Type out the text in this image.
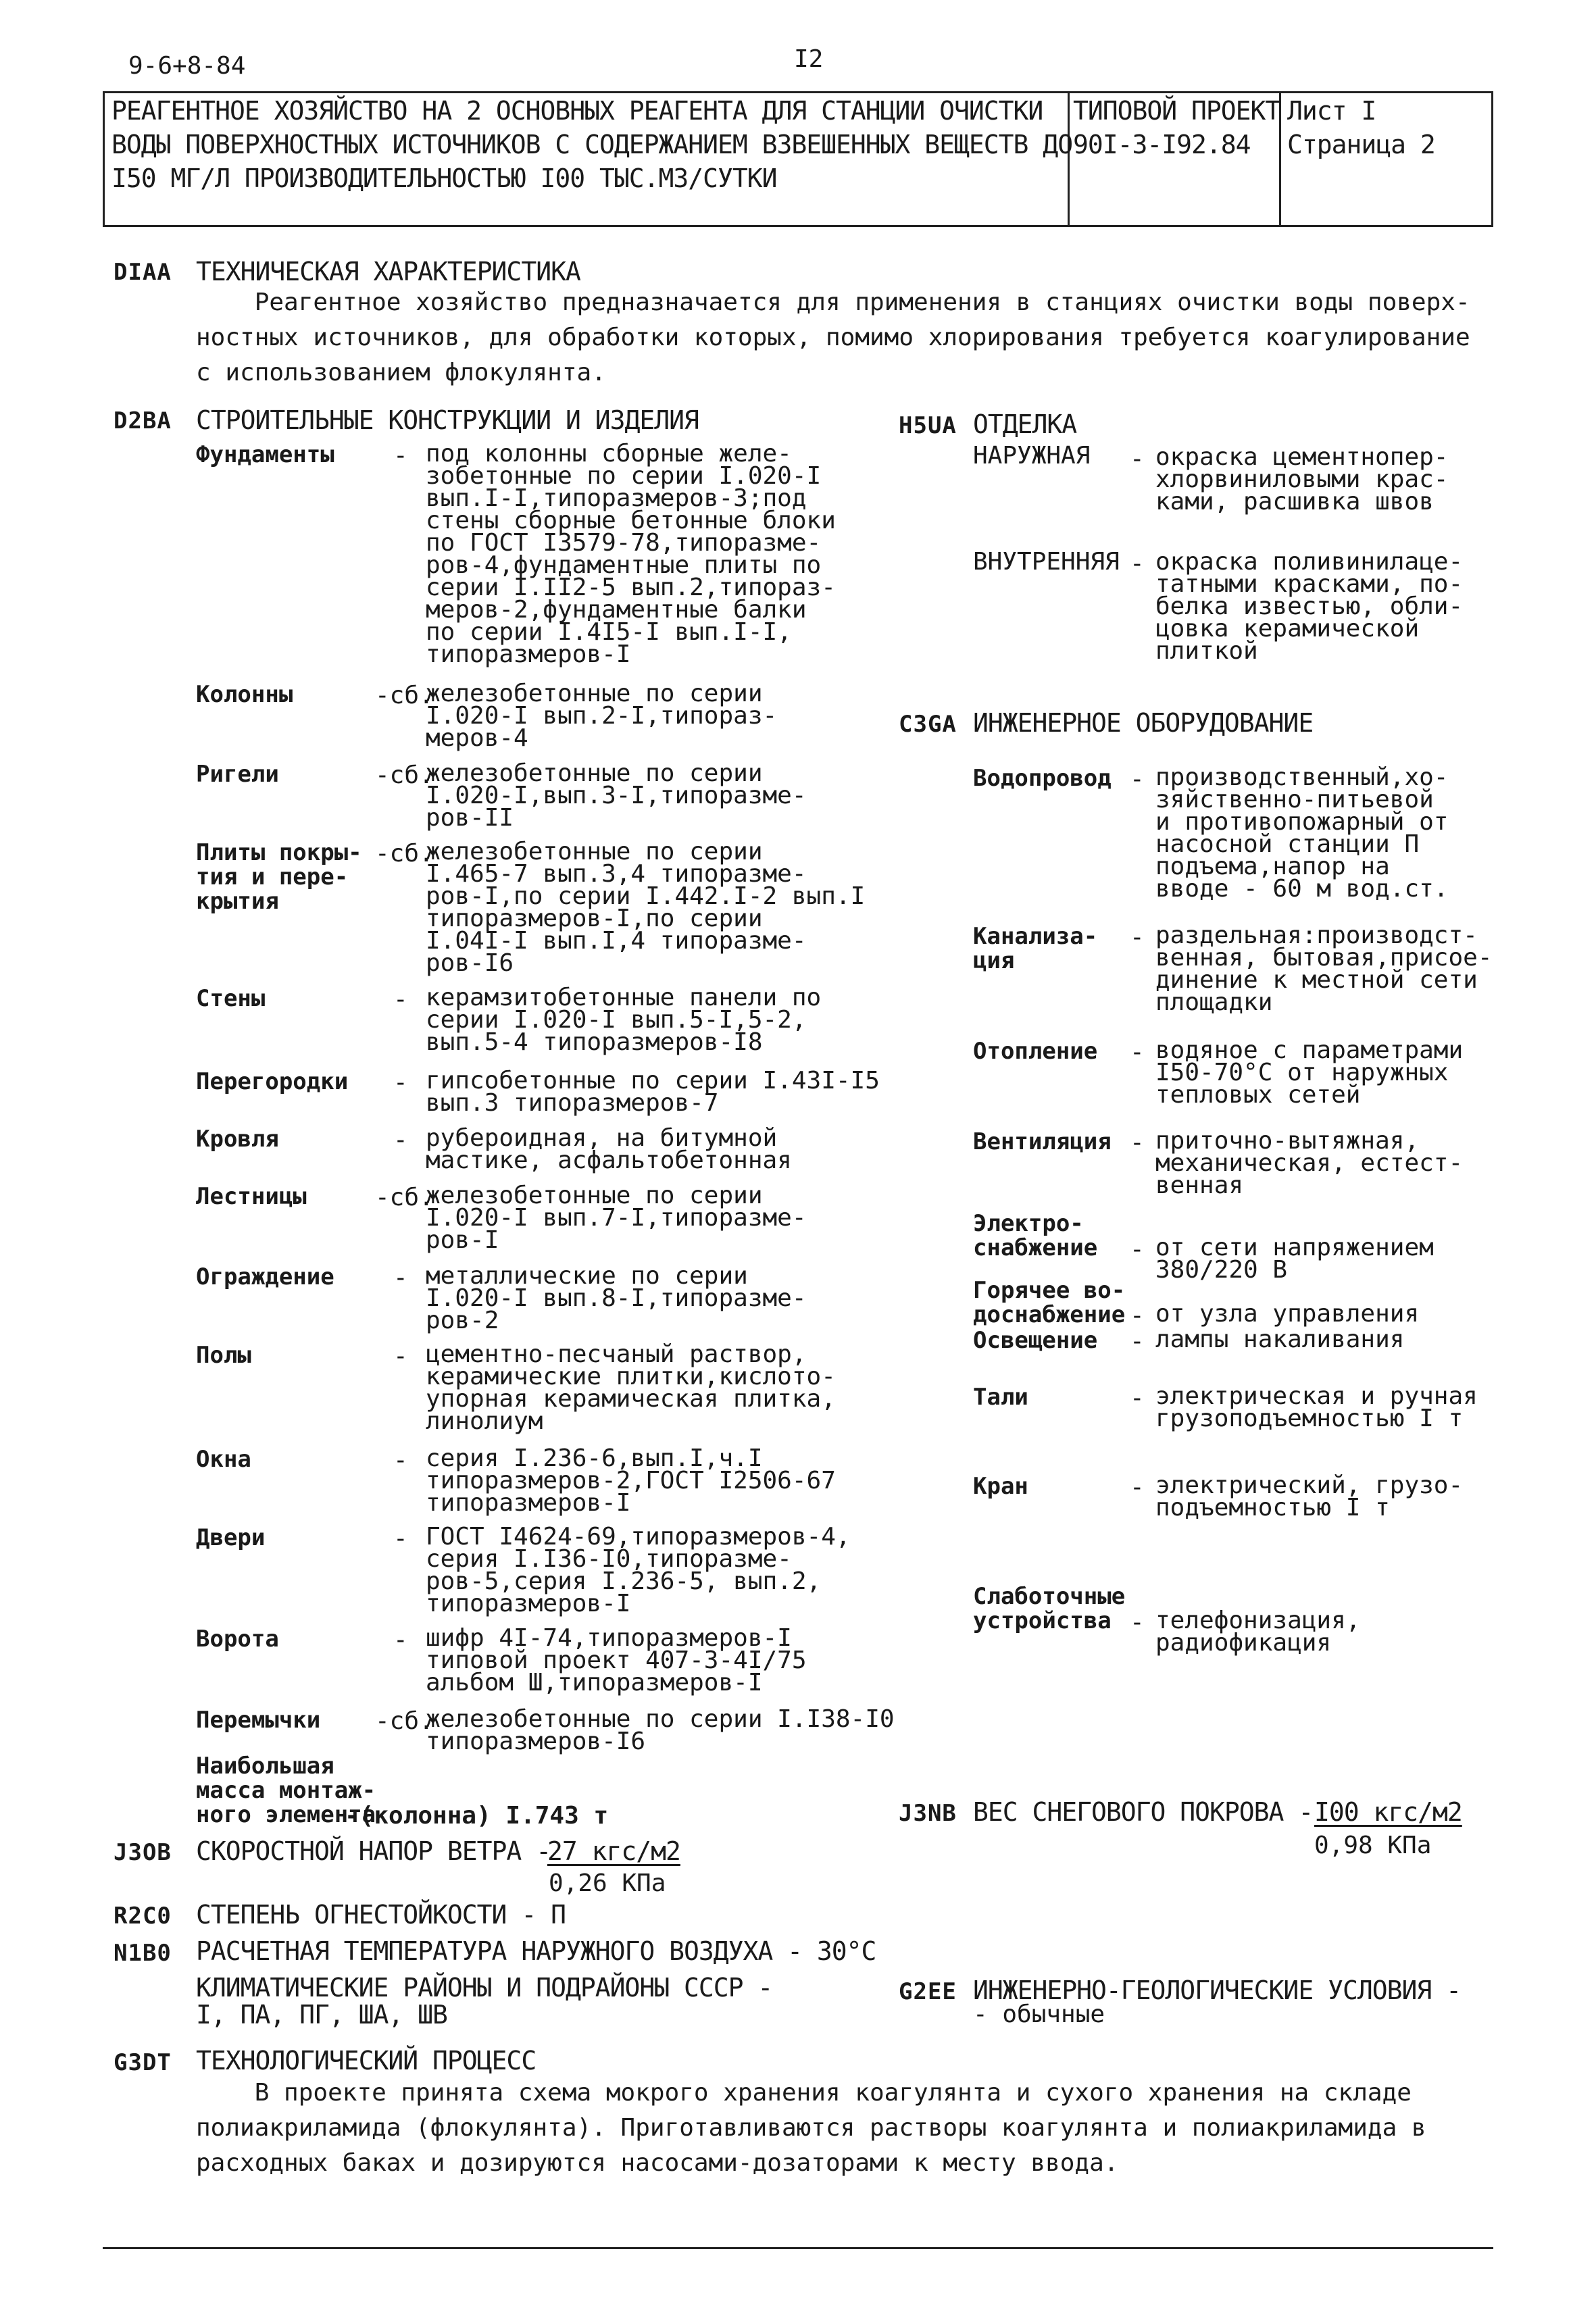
9-6+8-84	I2
РЕАГЕНТНОЕ ХОЗЯЙСТВО НА 2 ОСНОВНЫХ РЕАГЕНТА ДЛЯ СТАНЦИИ ОЧИСТКИ
ВОДЫ ПОВЕРХНОСТНЫХ ИСТОЧНИКОВ С СОДЕРЖАНИЕМ ВЗВЕШЕННЫХ ВЕЩЕСТВ ДО
I50 МГ/Л ПРОИЗВОДИТЕЛЬНОСТЬЮ I00 ТЫС.М3/СУТКИ
ТИПОВОЙ ПРОЕКТ
90I-3-I92.84
Лист I
Страница 2
DIAA ТЕХНИЧЕСКАЯ ХАРАКТЕРИСТИКА
Реагентное хозяйство предназначается для применения в станциях очистки воды поверх-
ностных источников, для обработки которых, помимо хлорирования требуется коагулирование
с использованием флокулянта.
D2BA СТРОИТЕЛЬНЫЕ КОНСТРУКЦИИ И ИЗДЕЛИЯ
Фундаменты - под колонны сборные желе-
зобетонные по серии I.020-I
вып.I-I,типоразмеров-3;под
стены сборные бетонные блоки
по ГОСТ I3579-78,типоразме-
ров-4,фундаментные плиты по
серии I.II2-5 вып.2,типораз-
меров-2,фундаментные балки
по серии I.4I5-I вып.I-I,
типоразмеров-I
Колонны	-сб.
железобетонные по серии
I.020-I вып.2-I,типораз-
меров-4
Ригели	-сб.
железобетонные по серии
I.020-I,вып.3-I,типоразме-
ров-II
Плиты покры-
тия и пере-
крытия
-сб.
железобетонные по серии
I.465-7 вып.3,4 типоразме-
ров-I,по серии I.442.I-2 вып.I
типоразмеров-I,по серии
I.04I-I вып.I,4 типоразме-
ров-I6
Стены	- керамзитобетонные панели по
серии I.020-I вып.5-I,5-2,
вып.5-4 типоразмеров-I8
Перегородки - гипсобетонные по серии I.43I-I5
вып.3 типоразмеров-7
Кровля	- рубероидная, на битумной
мастике, асфальтобетонная
Лестницы	-сб.
железобетонные по серии
I.020-I вып.7-I,типоразме-
ров-I
Ограждение - металлические по серии
I.020-I вып.8-I,типоразме-
ров-2
Полы	- цементно-песчаный раствор,
керамические плитки,кислото-
упорная керамическая плитка,
линолиум
Окна	- серия I.236-6,вып.I,ч.I
типоразмеров-2,ГОСТ I2506-67
типоразмеров-I
Двери	- ГОСТ I4624-69,типоразмеров-4,
серия I.I36-I0,типоразме-
ров-5,серия I.236-5, вып.2,
типоразмеров-I
Ворота	- шифр 4I-74,типоразмеров-I
типовой проект 407-3-4I/75
альбом Ш,типоразмеров-I
Перемычки -сб.
железобетонные по серии I.I38-I0
типоразмеров-I6
Наибольшая
масса монтаж-
ного элемента
-(колонна) I.743 т
J3OB СКОРОСТНОЙ НАПОР ВЕТРА -
27 кгс/м2
0,26 КПа
R2C0 СТЕПЕНЬ ОГНЕСТОЙКОСТИ - П
N1B0 РАСЧЕТНАЯ ТЕМПЕРАТУРА НАРУЖНОГО ВОЗДУХА - 30°С
КЛИМАТИЧЕСКИЕ РАЙОНЫ И ПОДРАЙОНЫ СССР -
I, ПА, ПГ, ША, ШВ
H5UA ОТДЕЛКА
НАРУЖНАЯ - окраска цементнопер-
хлорвиниловыми крас-
ками, расшивка швов
ВНУТРЕННЯЯ - окраска поливинилаце-
татными красками, по-
белка известью, обли-
цовка керамической
плиткой
C3GA ИНЖЕНЕРНОЕ ОБОРУДОВАНИЕ
Водопровод - производственный,хо-
зяйственно-питьевой
и противопожарный от
насосной станции П
подъема,напор на
вводе - 60 м вод.ст.
Канализа-
ция
- раздельная:производст-
венная, бытовая,присое-
динение к местной сети
площадки
Отопление - водяное с параметрами
I50-70°С от наружных
тепловых сетей
Вентиляция - приточно-вытяжная,
механическая, естест-
венная
Электро-
снабжение - от сети напряжением
380/220 В
Горячее во-
доснабжение - от узла управления
Освещение - лампы накаливания
Тали	- электрическая и ручная
грузоподъемностью I т
Кран	- электрический, грузо-
подъемностью I т
Слаботочные
устройства - телефонизация,
радиофикация
J3NB ВЕС СНЕГОВОГО ПОКРОВА - I00 кгс/м2
0,98 КПа
G2EE ИНЖЕНЕРНО-ГЕОЛОГИЧЕСКИЕ УСЛОВИЯ -
- обычные
G3DT ТЕХНОЛОГИЧЕСКИЙ ПРОЦЕСС
В проекте принята схема мокрого хранения коагулянта и сухого хранения на складе
полиакриламида (флокулянта). Приготавливаются растворы коагулянта и полиакриламида в
расходных баках и дозируются насосами-дозаторами к месту ввода.
